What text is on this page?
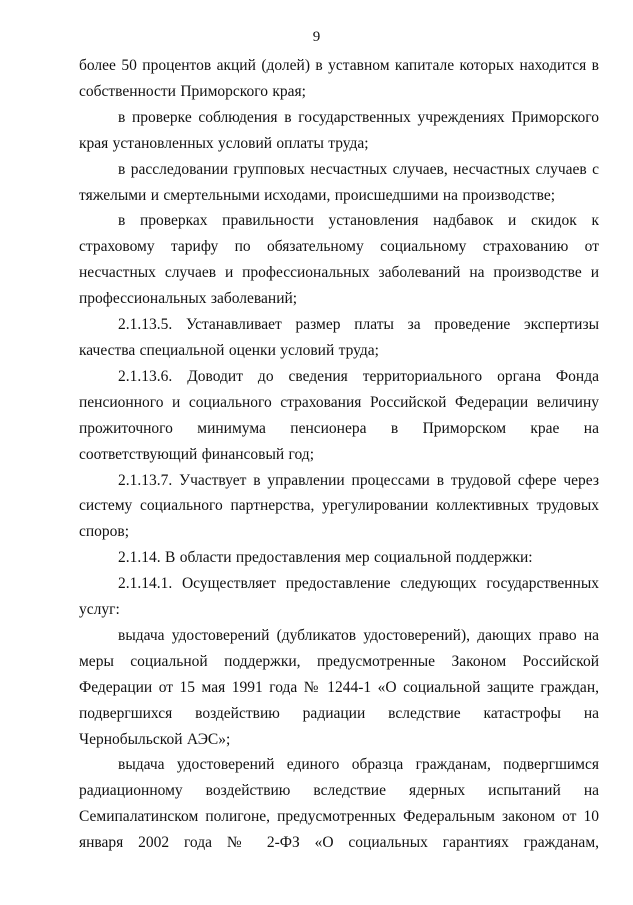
9

более 50 процентов акций (долей) в уставном капитале которых находится в собственности Приморского края;

в проверке соблюдения в государственных учреждениях Приморского края установленных условий оплаты труда;

в расследовании групповых несчастных случаев, несчастных случаев с тяжелыми и смертельными исходами, происшедшими на производстве;

в проверках правильности установления надбавок и скидок к страховому тарифу по обязательному социальному страхованию от несчастных случаев и профессиональных заболеваний на производстве и профессиональных заболеваний;

2.1.13.5. Устанавливает размер платы за проведение экспертизы качества специальной оценки условий труда;

2.1.13.6. Доводит до сведения территориального органа Фонда пенсионного и социального страхования Российской Федерации величину прожиточного минимума пенсионера в Приморском крае на соответствующий финансовый год;

2.1.13.7. Участвует в управлении процессами в трудовой сфере через систему социального партнерства, урегулировании коллективных трудовых споров;

2.1.14. В области предоставления мер социальной поддержки:

2.1.14.1. Осуществляет предоставление следующих государственных услуг:

выдача удостоверений (дубликатов удостоверений), дающих право на меры социальной поддержки, предусмотренные Законом Российской Федерации от 15 мая 1991 года № 1244-1 «О социальной защите граждан, подвергшихся воздействию радиации вследствие катастрофы на Чернобыльской АЭС»;

выдача удостоверений единого образца гражданам, подвергшимся радиационному воздействию вследствие ядерных испытаний на Семипалатинском полигоне, предусмотренных Федеральным законом от 10 января 2002 года № 2-ФЗ «О социальных гарантиях гражданам,
